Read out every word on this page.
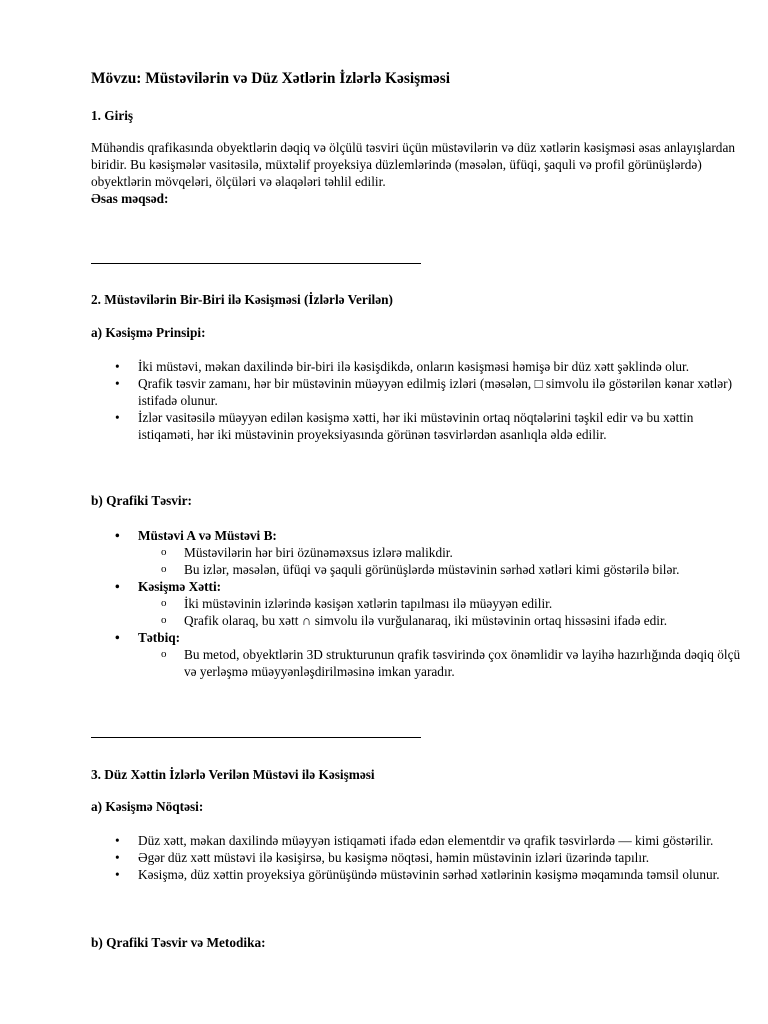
Mövzu: Müstəvilərin və Düz Xətlərin İzlərlə Kəsişməsi
1. Giriş
Mühəndis qrafikasında obyektlərin dəqiq və ölçülü təsviri üçün müstəvilərin və düz xətlərin kəsişməsi əsas anlayışlardan biridir. Bu kəsişmələr vasitəsilə, müxtəlif proyeksiya düzlemlərində (məsələn, üfüqi, şaquli və profil görünüşlərdə) obyektlərin mövqeləri, ölçüləri və əlaqələri təhlil edilir.
Əsas məqsəd:
2. Müstəvilərin Bir-Biri ilə Kəsişməsi (İzlərlə Verilən)
a) Kəsişmə Prinsipi:
• İki müstəvi, məkan daxilində bir-biri ilə kəsişdikdə, onların kəsişməsi həmişə bir düz xətt şəklində olur.
• Qrafik təsvir zamanı, hər bir müstəvinin müəyyən edilmiş izləri (məsələn, □ simvolu ilə göstərilən kənar xətlər) istifadə olunur.
• İzlər vasitəsilə müəyyən edilən kəsişmə xətti, hər iki müstəvinin ortaq nöqtələrini təşkil edir və bu xəttin istiqaməti, hər iki müstəvinin proyeksiyasında görünən təsvirlərdən asanlıqla əldə edilir.
b) Qrafiki Təsvir:
• Müstəvi A və Müstəvi B:
o Müstəvilərin hər biri özünəməxsus izlərə malikdir.
o Bu izlər, məsələn, üfüqi və şaquli görünüşlərdə müstəvinin sərhəd xətləri kimi göstərilə bilər.
• Kəsişmə Xətti:
o İki müstəvinin izlərində kəsişən xətlərin tapılması ilə müəyyən edilir.
o Qrafik olaraq, bu xətt ∩ simvolu ilə vurğulanaraq, iki müstəvinin ortaq hissəsini ifadə edir.
• Tətbiq:
o Bu metod, obyektlərin 3D strukturunun qrafik təsvirində çox önəmlidir və layihə hazırlığında dəqiq ölçü və yerləşmə müəyyənləşdirilməsinə imkan yaradır.
3. Düz Xəttin İzlərlə Verilən Müstəvi ilə Kəsişməsi
a) Kəsişmə Nöqtəsi:
• Düz xətt, məkan daxilində müəyyən istiqaməti ifadə edən elementdir və qrafik təsvirlərdə — kimi göstərilir.
• Əgər düz xətt müstəvi ilə kəsişirsə, bu kəsişmə nöqtəsi, həmin müstəvinin izləri üzərində tapılır.
• Kəsişmə, düz xəttin proyeksiya görünüşündə müstəvinin sərhəd xətlərinin kəsişmə məqamında təmsil olunur.
b) Qrafiki Təsvir və Metodika:
